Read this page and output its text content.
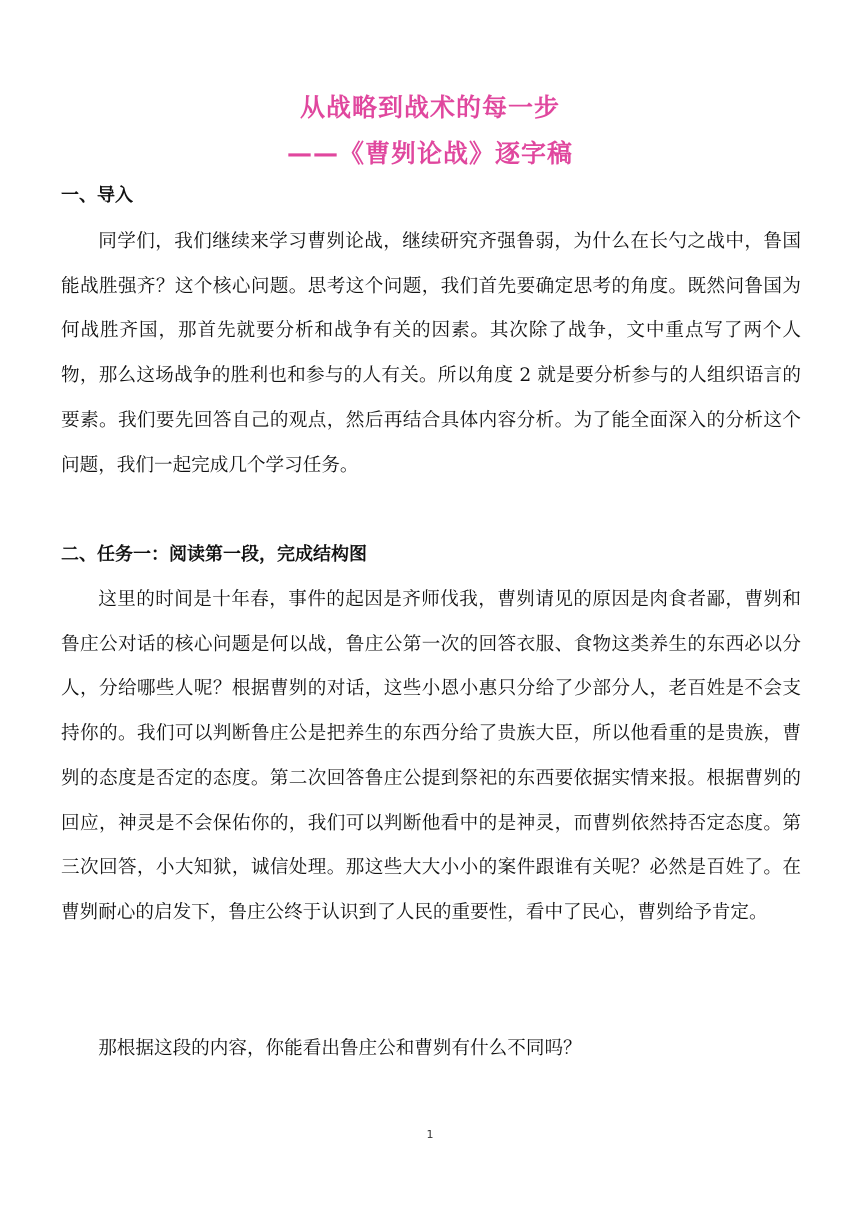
从战略到战术的每一步
——《曹刿论战》逐字稿
一、导入

同学们，我们继续来学习曹刿论战，继续研究齐强鲁弱，为什么在长勺之战中，鲁国能战胜强齐？这个核心问题。思考这个问题，我们首先要确定思考的角度。既然问鲁国为何战胜齐国，那首先就要分析和战争有关的因素。其次除了战争，文中重点写了两个人物，那么这场战争的胜利也和参与的人有关。所以角度 2 就是要分析参与的人组织语言的要素。我们要先回答自己的观点，然后再结合具体内容分析。为了能全面深入的分析这个问题，我们一起完成几个学习任务。

二、任务一：阅读第一段，完成结构图

这里的时间是十年春，事件的起因是齐师伐我，曹刿请见的原因是肉食者鄙，曹刿和鲁庄公对话的核心问题是何以战，鲁庄公第一次的回答衣服、食物这类养生的东西必以分人，分给哪些人呢？根据曹刿的对话，这些小恩小惠只分给了少部分人，老百姓是不会支持你的。我们可以判断鲁庄公是把养生的东西分给了贵族大臣，所以他看重的是贵族，曹刿的态度是否定的态度。第二次回答鲁庄公提到祭祀的东西要依据实情来报。根据曹刿的回应，神灵是不会保佑你的，我们可以判断他看中的是神灵，而曹刿依然持否定态度。第三次回答，小大知狱，诚信处理。那这些大大小小的案件跟谁有关呢？必然是百姓了。在曹刿耐心的启发下，鲁庄公终于认识到了人民的重要性，看中了民心，曹刿给予肯定。

那根据这段的内容，你能看出鲁庄公和曹刿有什么不同吗？

1
